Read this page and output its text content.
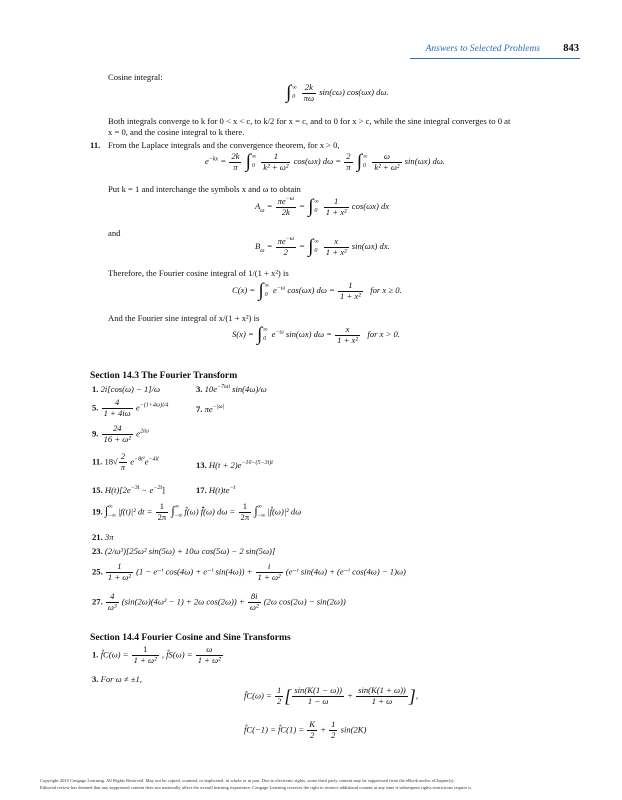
Answers to Selected Problems 843
Cosine integral:
∫ ∞
0
$\frac{2k}{\pi\omega} \sin(c\omega)$ cos(ωx) dω.
Both integrals converge to k for 0 < x < c, to k/2 for x = c, and to 0 for x > c, while the sine integral converges to 0 at
x = 0, and the cosine integral to k there.
11. From the Laplace integrals and the convergence theorem, for x > 0,
$e^{-kx} = \frac{2k}{\pi}$ ∫ ∞
0
$\frac{1}{\text{k² + ω²}} \cos(\omega x) d\omega = \frac{2}{\pi}$ ∫ ∞
0
$\frac{\omega}{\text{k² + ω²}} \sin(\omega x)$ dω.
Put k = 1 and interchange the symbols x and ω to obtain
$A_\omega = \frac{\pi e^{-\omega}}{2k}$ = ∫ ∞
0
$\frac{1}{\text{1 + x²}} \cos(\omega x)$ dx
and
$B_\omega = \frac{\pi e^{-\omega}}{2}$ = ∫ ∞
0
$\frac{x}{\text{1 + x²}} \sin(\omega x)$ dx.
Therefore, the Fourier cosine integral of 1/(1 + x²) is
C(x) = ∫ ∞
0
$e^{-\omega}$ cos(ωx) $d\omega = \frac{1}{\text{1 + x²}}$ for x ≥ 0.
And the Fourier sine integral of x/(1 + x²) is
S(x) = ∫ ∞
0
$e^{-\omega}$ sin(ωx) $d\omega = \frac{x}{\text{1 + x²}}$ for x > 0.
Section 14.3 The Fourier Transform
1. 2i[cos(ω) − 1]/ω	3. $10e^{-7\omega i}$ sin(4ω)/ω
5. $\frac{4}{1 + 4i\omega} e^{-(1+4\omega)i/4}$	7. $\pi e^{-|\omega|}$
9. $\frac{24}{\text{16 + ω²}} e^{2i\omega}$
11. $18√ \frac{2}{\pi} e^{-8t^2}e^{-4it}$
13. $H(t + 2)e^{-10-(5-3i)t}$
15. $H(t)[2e^{-3t} - e^{-2t}]$	17. $H(t)te^{-t}$
19. ∫ ∞
−∞
|f(t)|² dt = $\frac{1}{2\pi}$ ∫ ∞
−∞
f̂(ω) f̄̂(ω) $d\omega = \frac{1}{2\pi}$ ∫ ∞
−∞
|f̂(ω)|² dω
21. 3π
23. (2/ω³)[25ω² sin(5ω) + 10ω cos(5ω) − 2 sin(5ω)]
25. $\frac{1}{\text{1 + ω²}} (1 - e^{-i}$ cos(4ω) + e⁻ⁱ $\sin(4\omega)) + \frac{i}{\text{1 + ω²}} (e^{-i}$ sin(4ω) + (e⁻ⁱ cos(4ω) − 1)ω)
27. $\frac{4}{\text{ω³}} (\sin(2\omega)(4\omega^2 - 1) + 2\omega$ $\cos(2\omega)) + \frac{8i}{\text{ω²}} (2\omega$ cos(2ω) − sin(2ω))
Section 14.4 Fourier Cosine and Sine Transforms
1. f̂C(ω) = $\frac{1}{\text{1 + ω²}}$ , f̂S(ω) = $\frac{\omega}{\text{1 + ω²}}$
3. For ω ≠ ±1,
f̂C(ω) = $\frac{1}{2}$ [ $\frac{\sin(K(1 - \omega))}{1 - \omega} + \frac{\sin(K(1 + \omega))}{1 + \omega}$ ],
f̂C(−1) = f̂C(1) = $\frac{K}{2} + \frac{1}{2} \sin(2K)$
Copyright 2010 Cengage Learning. All Rights Reserved. May not be copied, scanned, or duplicated, in whole or in part. Due to electronic rights, some third party content may be suppressed from the eBook and/or eChapter(s).
Editorial review has deemed that any suppressed content does not materially affect the overall learning experience. Cengage Learning reserves the right to remove additional content at any time if subsequent rights restrictions require it.
